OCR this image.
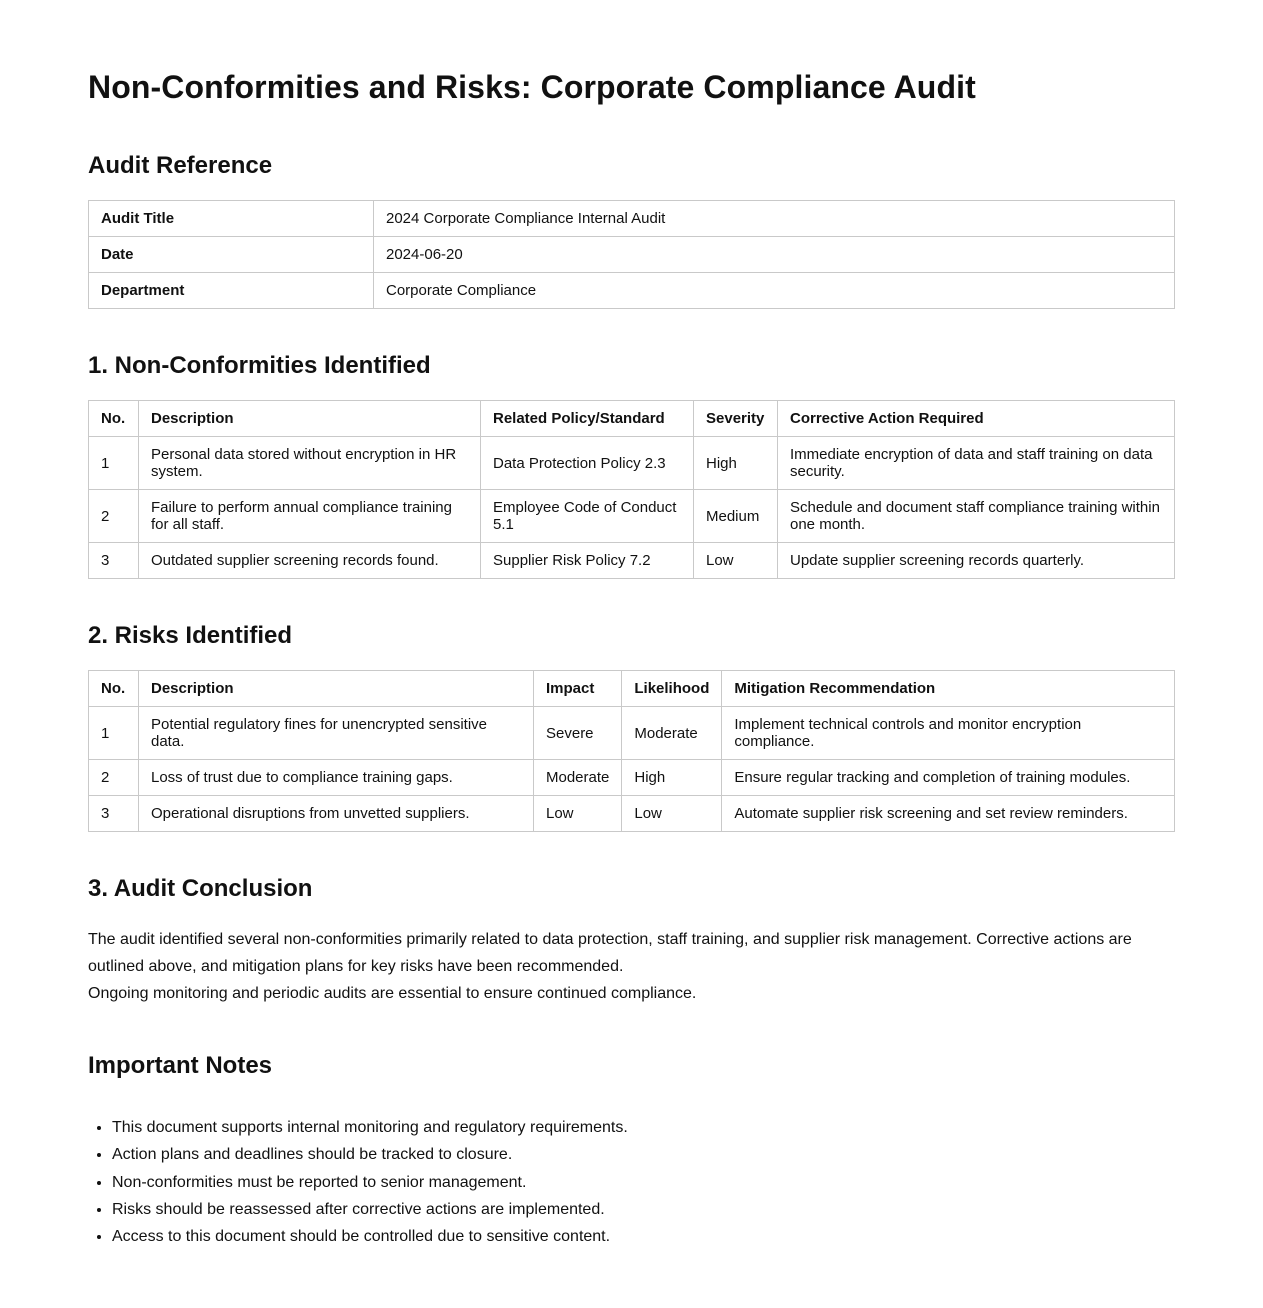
Non-Conformities and Risks: Corporate Compliance Audit
Audit Reference
Audit Title	2024 Corporate Compliance Internal Audit
Date	2024-06-20
Department	Corporate Compliance
1. Non-Conformities Identified
No.	Description	Related Policy/Standard	Severity	Corrective Action Required
1	Personal data stored without encryption in HR system.	Data Protection Policy 2.3	High	Immediate encryption of data and staff training on data security.
2	Failure to perform annual compliance training for all staff.	Employee Code of Conduct 5.1	Medium	Schedule and document staff compliance training within one month.
3	Outdated supplier screening records found.	Supplier Risk Policy 7.2	Low	Update supplier screening records quarterly.
2. Risks Identified
No.	Description	Impact	Likelihood	Mitigation Recommendation
1	Potential regulatory fines for unencrypted sensitive data.	Severe	Moderate	Implement technical controls and monitor encryption compliance.
2	Loss of trust due to compliance training gaps.	Moderate	High	Ensure regular tracking and completion of training modules.
3	Operational disruptions from unvetted suppliers.	Low	Low	Automate supplier risk screening and set review reminders.
3. Audit Conclusion

The audit identified several non-conformities primarily related to data protection, staff training, and supplier risk management. Corrective actions are outlined above, and mitigation plans for key risks have been recommended.

Ongoing monitoring and periodic audits are essential to ensure continued compliance.

Important Notes
• This document supports internal monitoring and regulatory requirements.
• Action plans and deadlines should be tracked to closure.
• Non-conformities must be reported to senior management.
• Risks should be reassessed after corrective actions are implemented.
• Access to this document should be controlled due to sensitive content.
